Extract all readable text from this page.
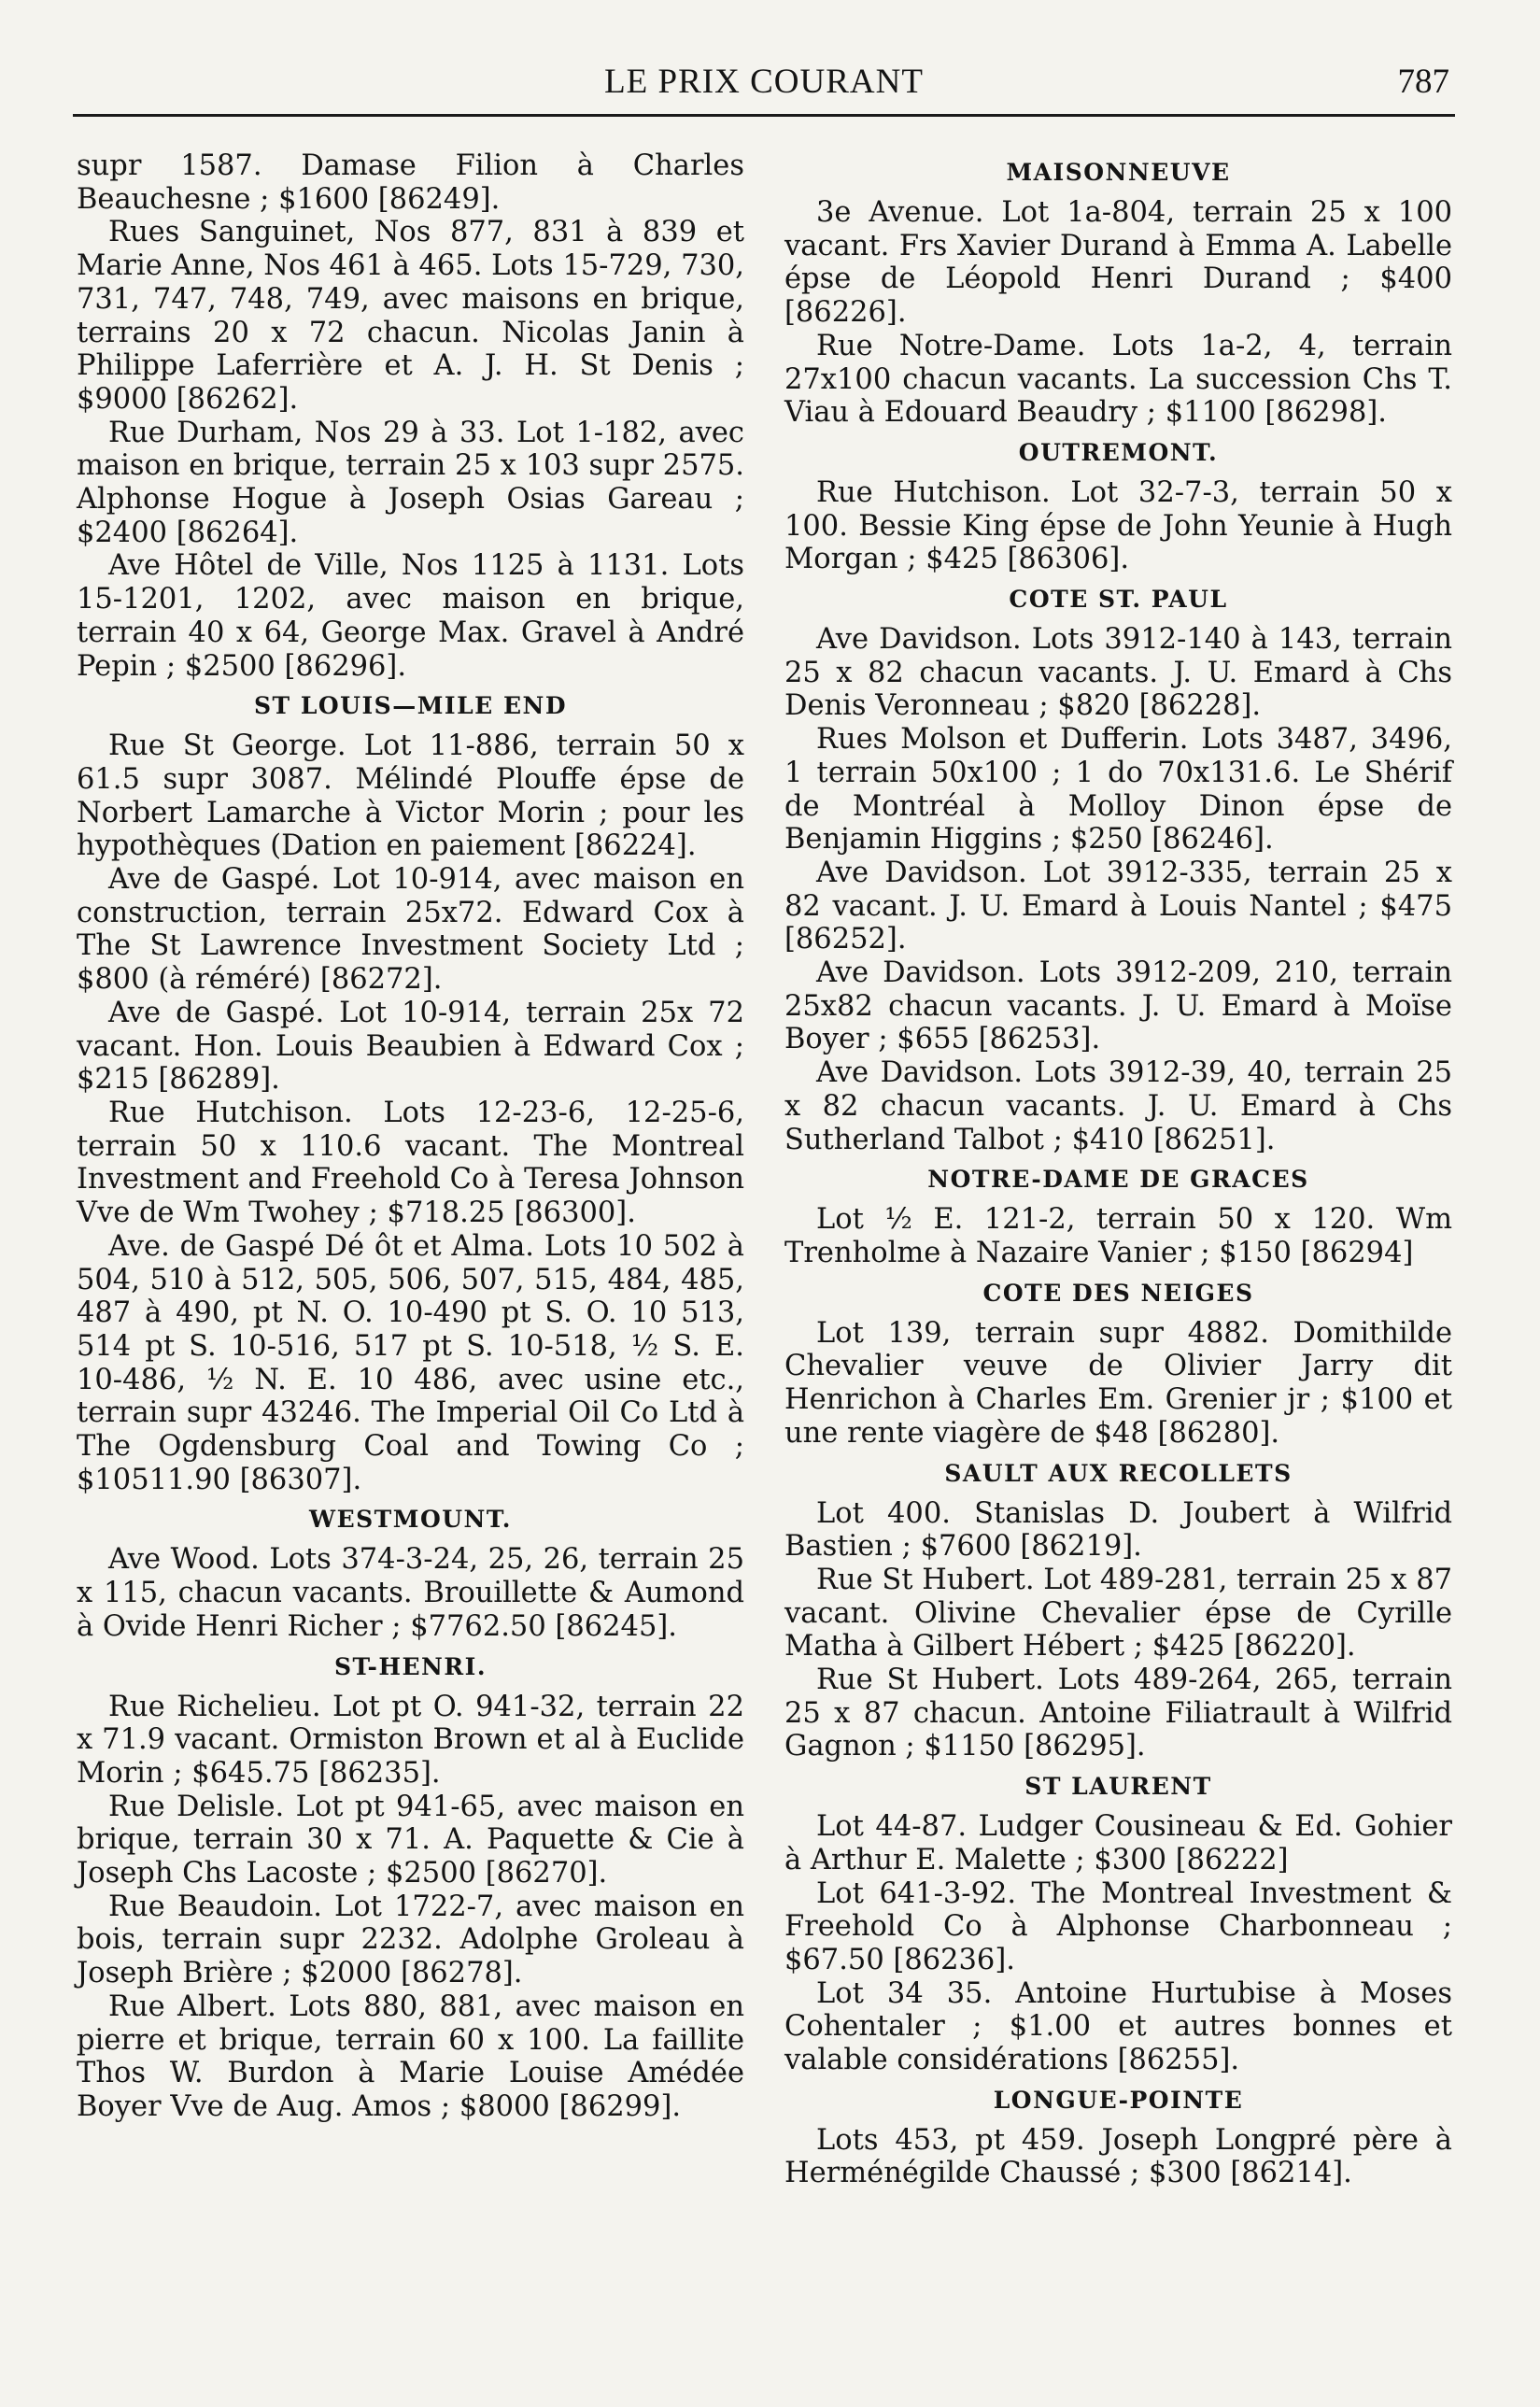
LE PRIX COURANT	787

supr 1587. Damase Filion à Charles Beauchesne ; $1600 [86249].

Rues Sanguinet, Nos 877, 831 à 839 et Marie Anne, Nos 461 à 465. Lots 15-729, 730, 731, 747, 748, 749, avec maisons en brique, terrains 20 x 72 chacun. Nicolas Janin à Philippe Laferrière et A. J. H. St Denis ; $9000 [86262].

Rue Durham, Nos 29 à 33. Lot 1-182, avec maison en brique, terrain 25 x 103 supr 2575. Alphonse Hogue à Joseph Osias Gareau ; $2400 [86264].

Ave Hôtel de Ville, Nos 1125 à 1131. Lots 15-1201, 1202, avec maison en brique, terrain 40 x 64, George Max. Gravel à André Pepin ; $2500 [86296].

ST LOUIS—MILE END

Rue St George. Lot 11-886, terrain 50 x 61.5 supr 3087. Mélindé Plouffe épse de Norbert Lamarche à Victor Morin ; pour les hypothèques (Dation en paiement [86224].

Ave de Gaspé. Lot 10-914, avec maison en construction, terrain 25x72. Edward Cox à The St Lawrence Investment Society Ltd ; $800 (à réméré) [86272].

Ave de Gaspé. Lot 10-914, terrain 25x 72 vacant. Hon. Louis Beaubien à Edward Cox ; $215 [86289].

Rue Hutchison. Lots 12-23-6, 12-25-6, terrain 50 x 110.6 vacant. The Montreal Investment and Freehold Co à Teresa Johnson Vve de Wm Twohey ; $718.25 [86300].

Ave. de Gaspé Dé ôt et Alma. Lots 10 502 à 504, 510 à 512, 505, 506, 507, 515, 484, 485, 487 à 490, pt N. O. 10-490 pt S. O. 10 513, 514 pt S. 10-516, 517 pt S. 10-518, ½ S. E. 10-486, ½ N. E. 10 486, avec usine etc., terrain supr 43246. The Imperial Oil Co Ltd à The Ogdensburg Coal and Towing Co ; $10511.90 [86307].

WESTMOUNT.

Ave Wood. Lots 374-3-24, 25, 26, terrain 25 x 115, chacun vacants. Brouillette & Aumond à Ovide Henri Richer ; $7762.50 [86245].

ST-HENRI.

Rue Richelieu. Lot pt O. 941-32, terrain 22 x 71.9 vacant. Ormiston Brown et al à Euclide Morin ; $645.75 [86235].

Rue Delisle. Lot pt 941-65, avec maison en brique, terrain 30 x 71. A. Paquette & Cie à Joseph Chs Lacoste ; $2500 [86270].

Rue Beaudoin. Lot 1722-7, avec maison en bois, terrain supr 2232. Adolphe Groleau à Joseph Brière ; $2000 [86278].

Rue Albert. Lots 880, 881, avec maison en pierre et brique, terrain 60 x 100. La faillite Thos W. Burdon à Marie Louise Amédée Boyer Vve de Aug. Amos ; $8000 [86299].

MAISONNEUVE

3e Avenue. Lot 1a-804, terrain 25 x 100 vacant. Frs Xavier Durand à Emma A. Labelle épse de Léopold Henri Durand ; $400 [86226].

Rue Notre-Dame. Lots 1a-2, 4, terrain 27x100 chacun vacants. La succession Chs T. Viau à Edouard Beaudry ; $1100 [86298].

OUTREMONT.

Rue Hutchison. Lot 32-7-3, terrain 50 x 100. Bessie King épse de John Yeunie à Hugh Morgan ; $425 [86306].

COTE ST. PAUL

Ave Davidson. Lots 3912-140 à 143, terrain 25 x 82 chacun vacants. J. U. Emard à Chs Denis Veronneau ; $820 [86228].

Rues Molson et Dufferin. Lots 3487, 3496, 1 terrain 50x100 ; 1 do 70x131.6. Le Shérif de Montréal à Molloy Dinon épse de Benjamin Higgins ; $250 [86246].

Ave Davidson. Lot 3912-335, terrain 25 x 82 vacant. J. U. Emard à Louis Nantel ; $475 [86252].

Ave Davidson. Lots 3912-209, 210, terrain 25x82 chacun vacants. J. U. Emard à Moïse Boyer ; $655 [86253].

Ave Davidson. Lots 3912-39, 40, terrain 25 x 82 chacun vacants. J. U. Emard à Chs Sutherland Talbot ; $410 [86251].

NOTRE-DAME DE GRACES

Lot ½ E. 121-2, terrain 50 x 120. Wm Trenholme à Nazaire Vanier ; $150 [86294]

COTE DES NEIGES

Lot 139, terrain supr 4882. Domithilde Chevalier veuve de Olivier Jarry dit Henrichon à Charles Em. Grenier jr ; $100 et une rente viagère de $48 [86280].

SAULT AUX RECOLLETS

Lot 400. Stanislas D. Joubert à Wilfrid Bastien ; $7600 [86219].

Rue St Hubert. Lot 489-281, terrain 25 x 87 vacant. Olivine Chevalier épse de Cyrille Matha à Gilbert Hébert ; $425 [86220].

Rue St Hubert. Lots 489-264, 265, terrain 25 x 87 chacun. Antoine Filiatrault à Wilfrid Gagnon ; $1150 [86295].

ST LAURENT

Lot 44-87. Ludger Cousineau & Ed. Gohier à Arthur E. Malette ; $300 [86222]

Lot 641-3-92. The Montreal Investment & Freehold Co à Alphonse Charbonneau ; $67.50 [86236].

Lot 34 35. Antoine Hurtubise à Moses Cohentaler ; $1.00 et autres bonnes et valable considérations [86255].

LONGUE-POINTE

Lots 453, pt 459. Joseph Longpré père à Herménégilde Chaussé ; $300 [86214].
